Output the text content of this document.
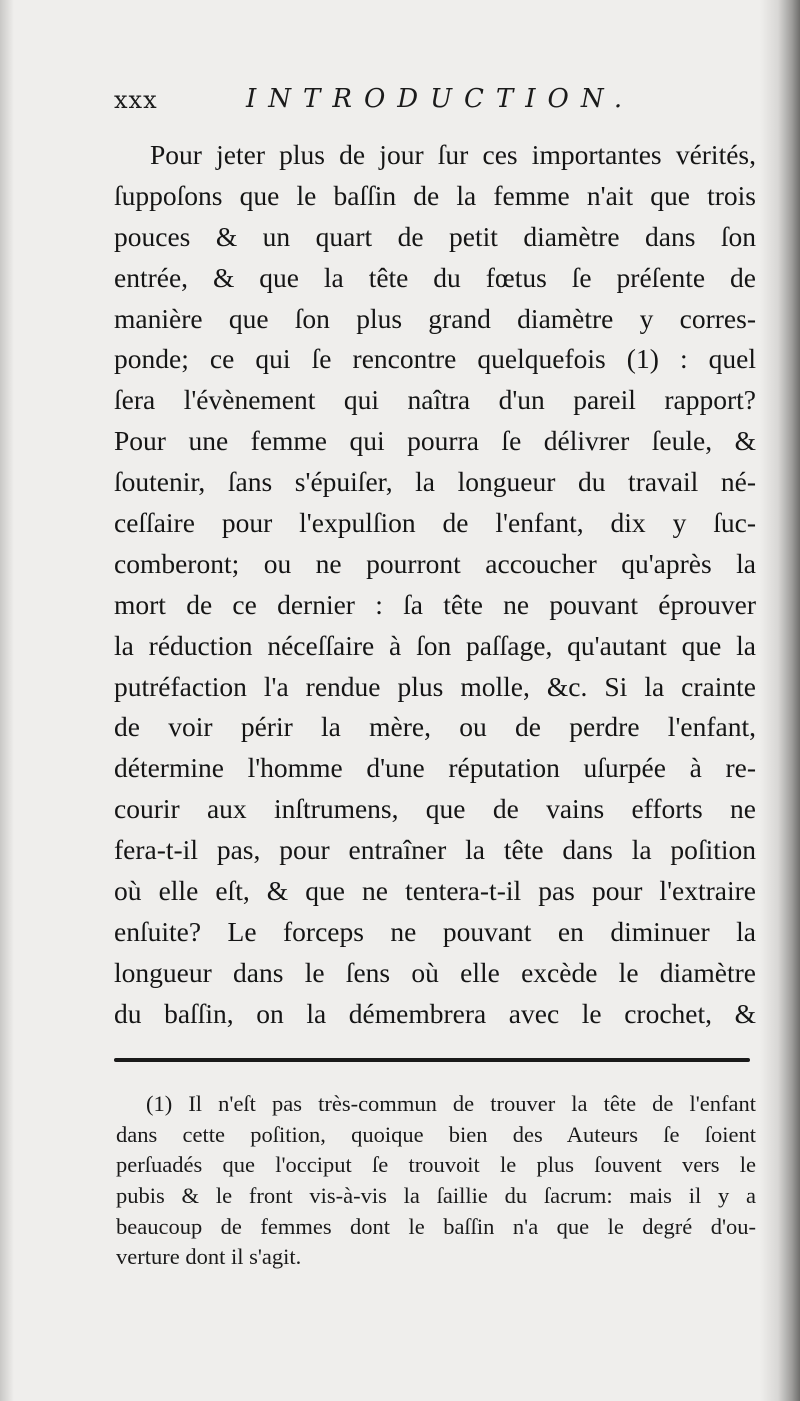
xxx	INTRODUCTION.
Pour jeter plus de jour ſur ces importantes vérités,
ſuppoſons que le baſſin de la femme n'ait que trois
pouces & un quart de petit diamètre dans ſon
entrée, & que la tête du fœtus ſe préſente de
manière que ſon plus grand diamètre y corres-
ponde; ce qui ſe rencontre quelquefois (1) : quel
ſera l'évènement qui naîtra d'un pareil rapport?
Pour une femme qui pourra ſe délivrer ſeule, &
ſoutenir, ſans s'épuiſer, la longueur du travail né-
ceſſaire pour l'expulſion de l'enfant, dix y ſuc-
comberont; ou ne pourront accoucher qu'après la
mort de ce dernier : ſa tête ne pouvant éprouver
la réduction néceſſaire à ſon paſſage, qu'autant que la
putréfaction l'a rendue plus molle, &c. Si la crainte
de voir périr la mère, ou de perdre l'enfant,
détermine l'homme d'une réputation uſurpée à re-
courir aux inſtrumens, que de vains efforts ne
fera-t-il pas, pour entraîner la tête dans la poſition
où elle eſt, & que ne tentera-t-il pas pour l'extraire
enſuite? Le forceps ne pouvant en diminuer la
longueur dans le ſens où elle excède le diamètre
du baſſin, on la démembrera avec le crochet, &
(1) Il n'eſt pas très-commun de trouver la tête de l'enfant
dans cette poſition, quoique bien des Auteurs ſe ſoient
perſuadés que l'occiput ſe trouvoit le plus ſouvent vers le
pubis & le front vis-à-vis la ſaillie du ſacrum: mais il y a
beaucoup de femmes dont le baſſin n'a que le degré d'ou-
verture dont il s'agit.
